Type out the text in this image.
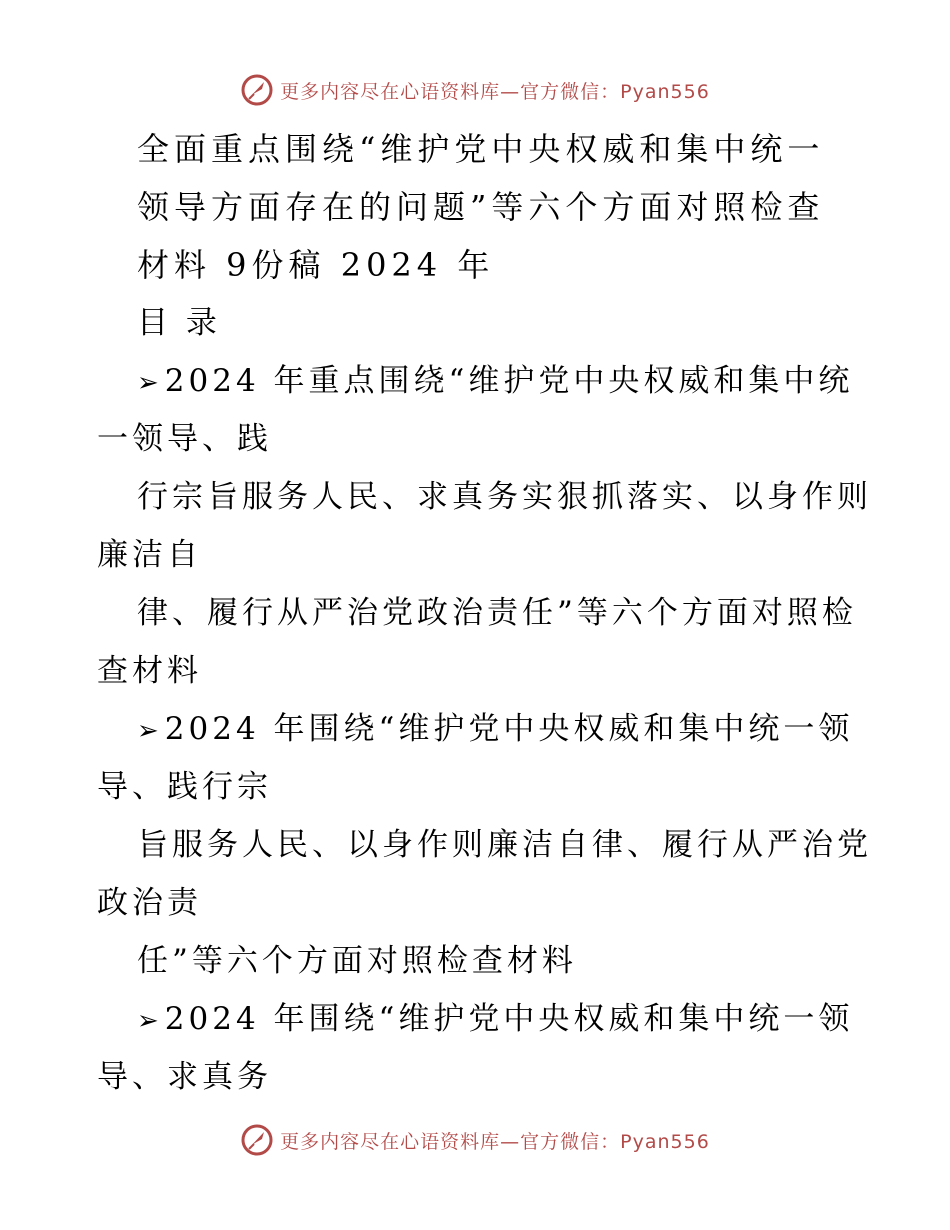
更多内容尽在心语资料库—官方微信：Pyan556
全面重点围绕“维护党中央权威和集中统一
领导方面存在的问题”等六个方面对照检查
材料 9份稿 2024 年
目 录
➢2024 年重点围绕“维护党中央权威和集中统
一领导、践
行宗旨服务人民、求真务实狠抓落实、以身作则
廉洁自
律、履行从严治党政治责任”等六个方面对照检
查材料
➢2024 年围绕“维护党中央权威和集中统一领
导、践行宗
旨服务人民、以身作则廉洁自律、履行从严治党
政治责
任”等六个方面对照检查材料
➢2024 年围绕“维护党中央权威和集中统一领
导、求真务
更多内容尽在心语资料库—官方微信：Pyan556
